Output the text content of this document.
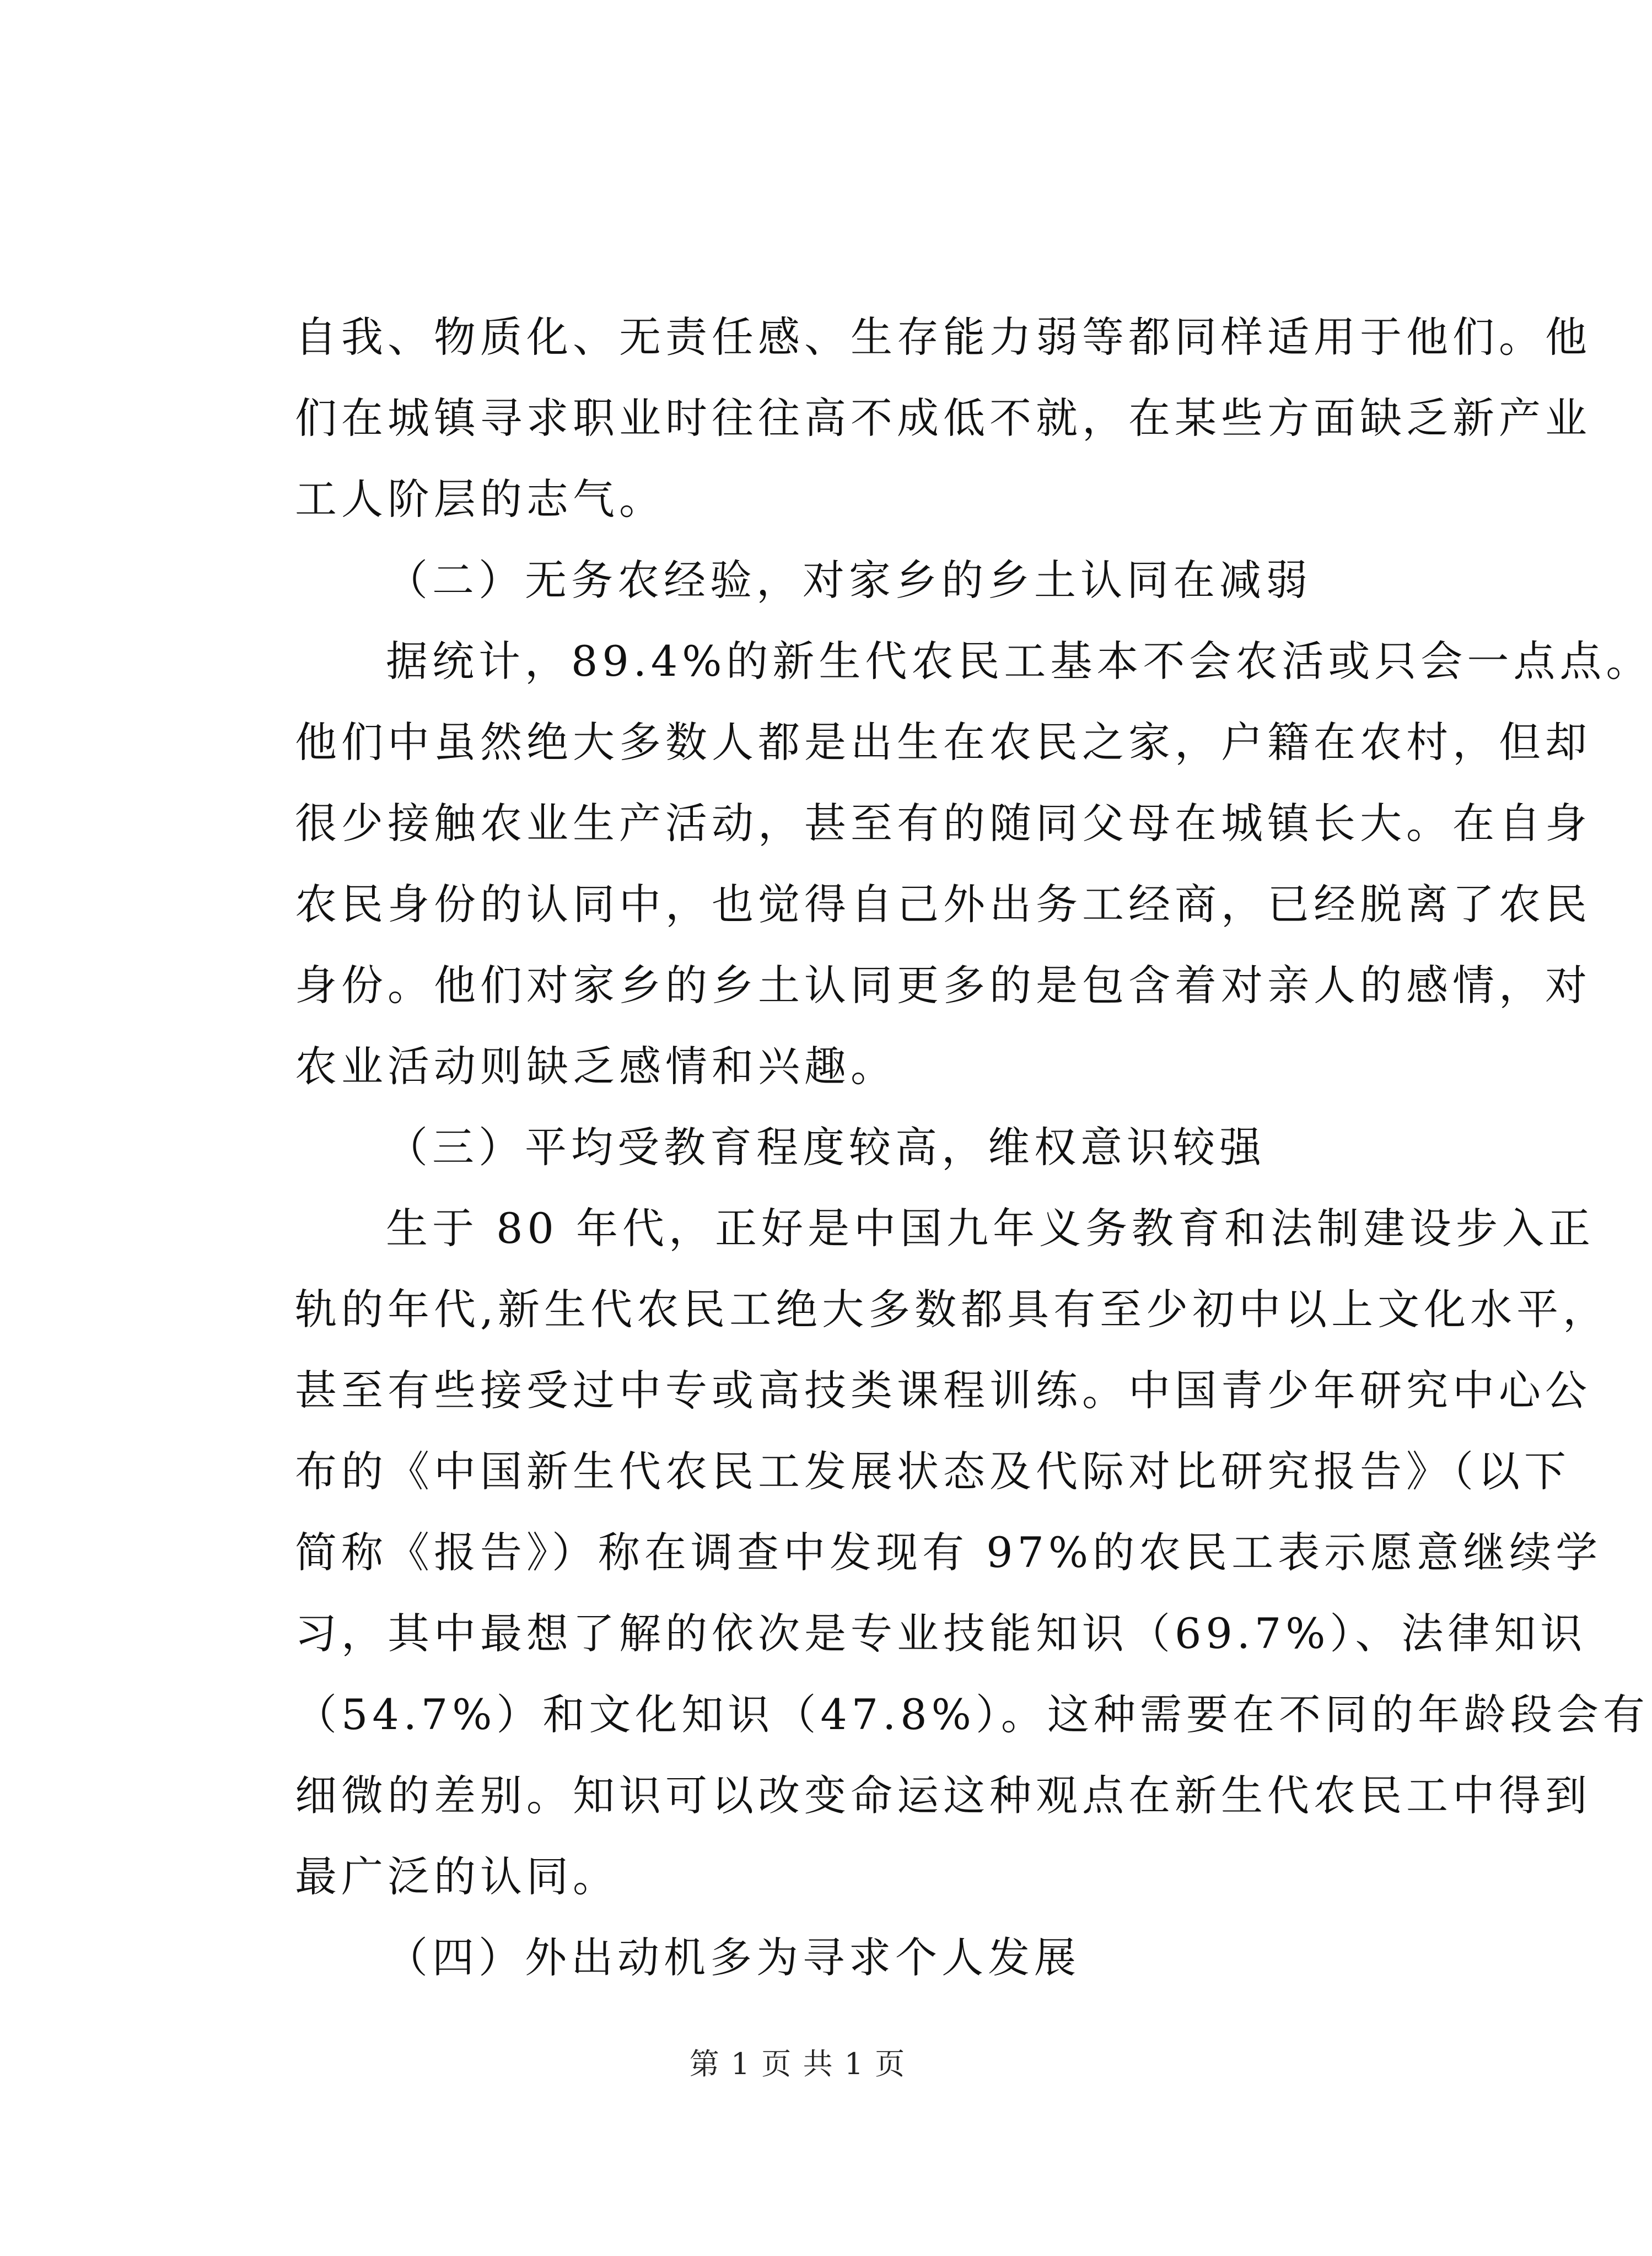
自我、物质化、无责任感、生存能力弱等都同样适用于他们。他
们在城镇寻求职业时往往高不成低不就，在某些方面缺乏新产业
工人阶层的志气。
（二）无务农经验，对家乡的乡土认同在减弱
据统计，89.4%的新生代农民工基本不会农活或只会一点点。
他们中虽然绝大多数人都是出生在农民之家，户籍在农村，但却
很少接触农业生产活动，甚至有的随同父母在城镇长大。在自身
农民身份的认同中，也觉得自己外出务工经商，已经脱离了农民
身份。他们对家乡的乡土认同更多的是包含着对亲人的感情，对
农业活动则缺乏感情和兴趣。
（三）平均受教育程度较高，维权意识较强
生于 80 年代，正好是中国九年义务教育和法制建设步入正
轨的年代,新生代农民工绝大多数都具有至少初中以上文化水平，
甚至有些接受过中专或高技类课程训练。中国青少年研究中心公
布的《中国新生代农民工发展状态及代际对比研究报告》（以下
简称《报告》）称在调查中发现有 97%的农民工表示愿意继续学
习，其中最想了解的依次是专业技能知识（69.7%）、法律知识
（54.7%）和文化知识（47.8%）。这种需要在不同的年龄段会有
细微的差别。知识可以改变命运这种观点在新生代农民工中得到
最广泛的认同。
（四）外出动机多为寻求个人发展
第 1 页 共 1 页
